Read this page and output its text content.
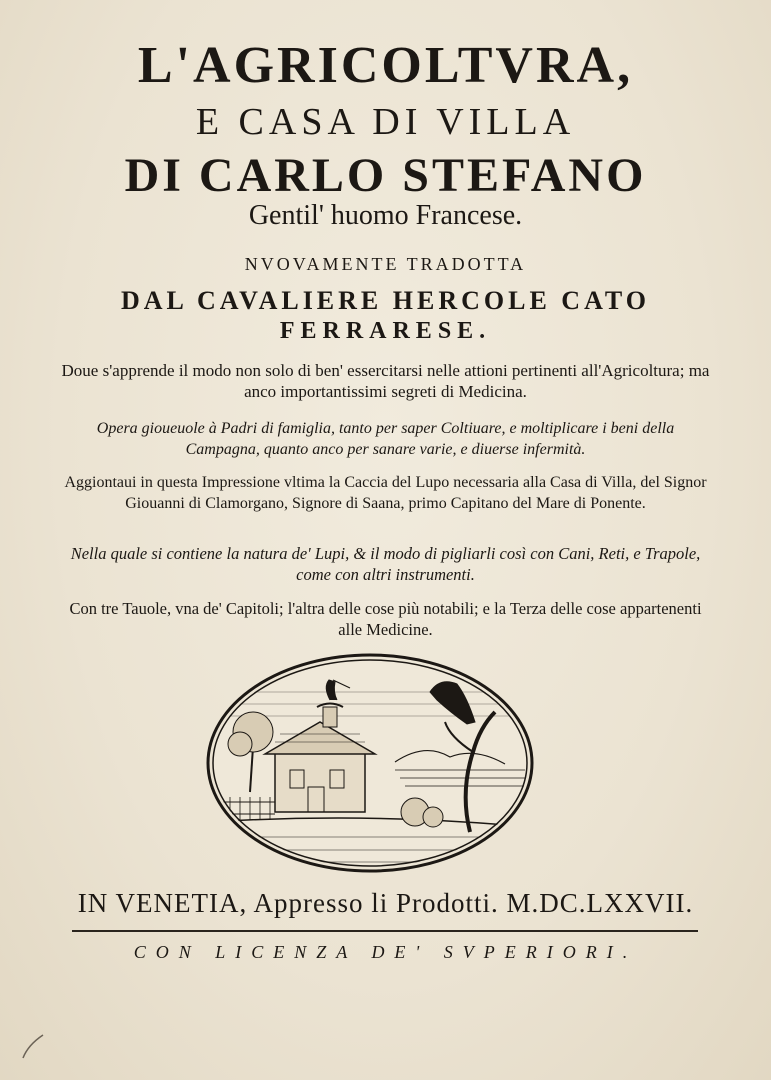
L'AGRICOLTVRA,
E CASA DI VILLA
DI CARLO STEFANO
Gentil' huomo Francese.
NVOVAMENTE TRADOTTA
DAL CAVALIERE HERCOLE CATO
FERRARESE.
Doue s'apprende il modo non solo di ben' essercitarsi nelle attioni pertinenti all'Agricoltura; ma anco importantissimi segreti di Medicina.
Opera gioueuole à Padri di famiglia, tanto per saper Coltiuare, e moltiplicare i beni della Campagna, quanto anco per sanare varie, e diuerse infermità.
Aggiontaui in questa Impressione vltima la Caccia del Lupo necessaria alla Casa di Villa, del Signor Giouanni di Clamorgano, Signore di Saana, primo Capitano del Mare di Ponente.
Nella quale si contiene la natura de' Lupi, & il modo di pigliarli così con Cani, Reti, e Trapole, come con altri instrumenti.
Con tre Tauole, vna de' Capitoli; l'altra delle cose più notabili; e la Terza delle cose appartenenti alle Medicine.
IN VENETIA, Appresso li Prodotti. M.DC.LXXVII.
CON LICENZA DE' SVPERIORI.
